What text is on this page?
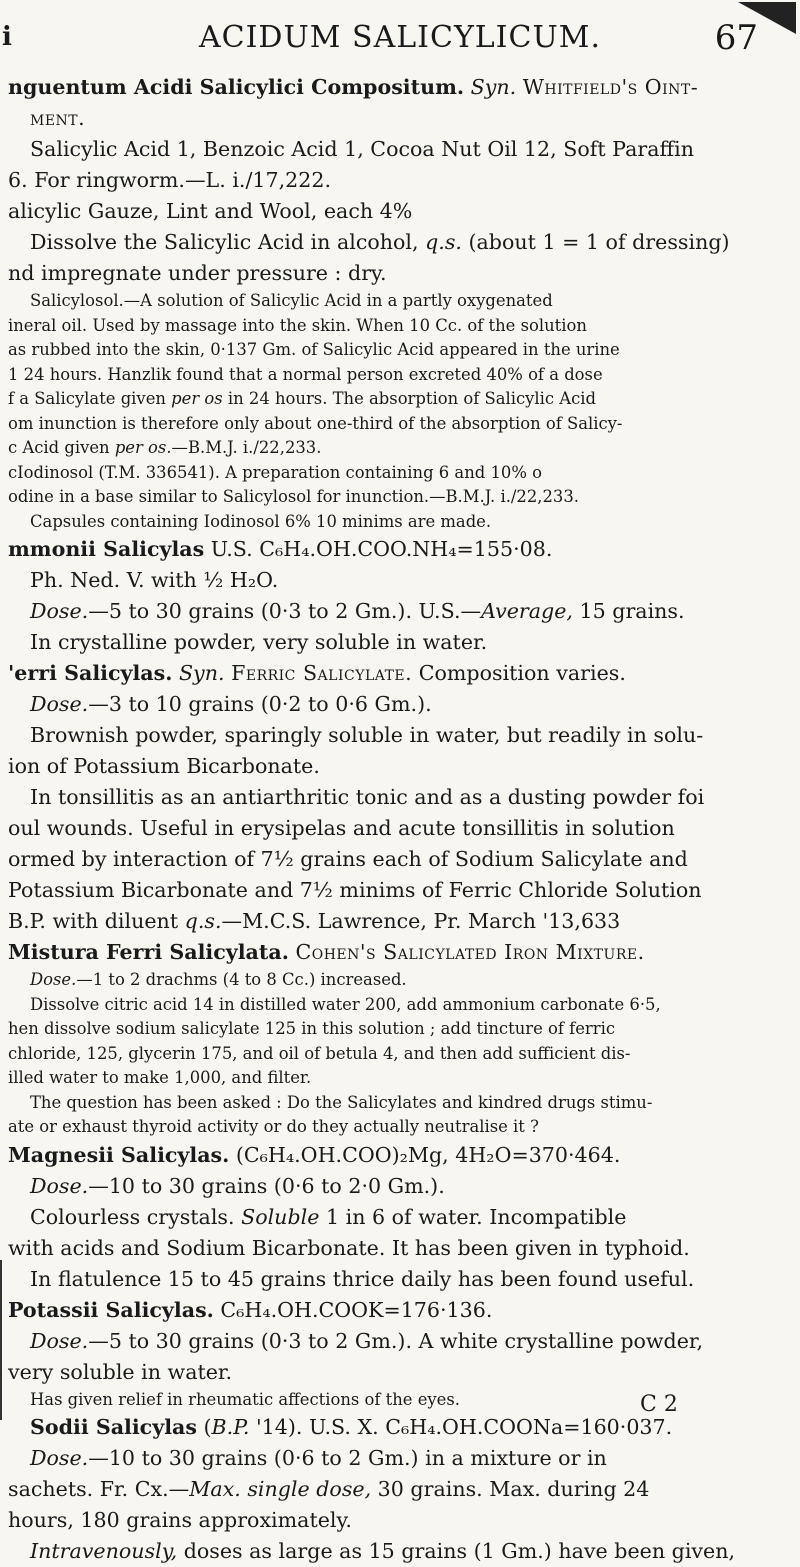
i	ACIDUM SALICYLICUM.	67

nguentum Acidi Salicylici Compositum. Syn. Whitfield's Oint-

ment.

Salicylic Acid 1, Benzoic Acid 1, Cocoa Nut Oil 12, Soft Paraffin

6. For ringworm.—L. i./17,222.

alicylic Gauze, Lint and Wool, each 4%

Dissolve the Salicylic Acid in alcohol, q.s. (about 1 = 1 of dressing)

nd impregnate under pressure : dry.

Salicylosol.—A solution of Salicylic Acid in a partly oxygenated

ineral oil. Used by massage into the skin. When 10 Cc. of the solution

as rubbed into the skin, 0·137 Gm. of Salicylic Acid appeared in the urine

1 24 hours. Hanzlik found that a normal person excreted 40% of a dose

f a Salicylate given per os in 24 hours. The absorption of Salicylic Acid

om inunction is therefore only about one-third of the absorption of Salicy-

c Acid given per os.—B.M.J. i./22,233.

cIodinosol (T.M. 336541). A preparation containing 6 and 10% o

odine in a base similar to Salicylosol for inunction.—B.M.J. i./22,233.

Capsules containing Iodinosol 6% 10 minims are made.

mmonii Salicylas U.S. C₆H₄.OH.COO.NH₄=155·08.

Ph. Ned. V. with ½ H₂O.

Dose.—5 to 30 grains (0·3 to 2 Gm.). U.S.—Average, 15 grains.

In crystalline powder, very soluble in water.

'erri Salicylas. Syn. Ferric Salicylate. Composition varies.

Dose.—3 to 10 grains (0·2 to 0·6 Gm.).

Brownish powder, sparingly soluble in water, but readily in solu-

ion of Potassium Bicarbonate.

In tonsillitis as an antiarthritic tonic and as a dusting powder foi

oul wounds. Useful in erysipelas and acute tonsillitis in solution

ormed by interaction of 7½ grains each of Sodium Salicylate and

Potassium Bicarbonate and 7½ minims of Ferric Chloride Solution

B.P. with diluent q.s.—M.C.S. Lawrence, Pr. March '13,633

Mistura Ferri Salicylata. Cohen's Salicylated Iron Mixture.

Dose.—1 to 2 drachms (4 to 8 Cc.) increased.

Dissolve citric acid 14 in distilled water 200, add ammonium carbonate 6·5,

hen dissolve sodium salicylate 125 in this solution ; add tincture of ferric

chloride, 125, glycerin 175, and oil of betula 4, and then add sufficient dis-

illed water to make 1,000, and filter.

The question has been asked : Do the Salicylates and kindred drugs stimu-

ate or exhaust thyroid activity or do they actually neutralise it ?

Magnesii Salicylas. (C₆H₄.OH.COO)₂Mg, 4H₂O=370·464.

Dose.—10 to 30 grains (0·6 to 2·0 Gm.).

Colourless crystals. Soluble 1 in 6 of water. Incompatible

with acids and Sodium Bicarbonate. It has been given in typhoid.

In flatulence 15 to 45 grains thrice daily has been found useful.

Potassii Salicylas. C₆H₄.OH.COOK=176·136.

Dose.—5 to 30 grains (0·3 to 2 Gm.). A white crystalline powder,

very soluble in water.

Has given relief in rheumatic affections of the eyes.

Sodii Salicylas (B.P. '14). U.S. X. C₆H₄.OH.COONa=160·037.

Dose.—10 to 30 grains (0·6 to 2 Gm.) in a mixture or in

sachets. Fr. Cx.—Max. single dose, 30 grains. Max. during 24

hours, 180 grains approximately.

Intravenously, doses as large as 15 grains (1 Gm.) have been given,

C 2
